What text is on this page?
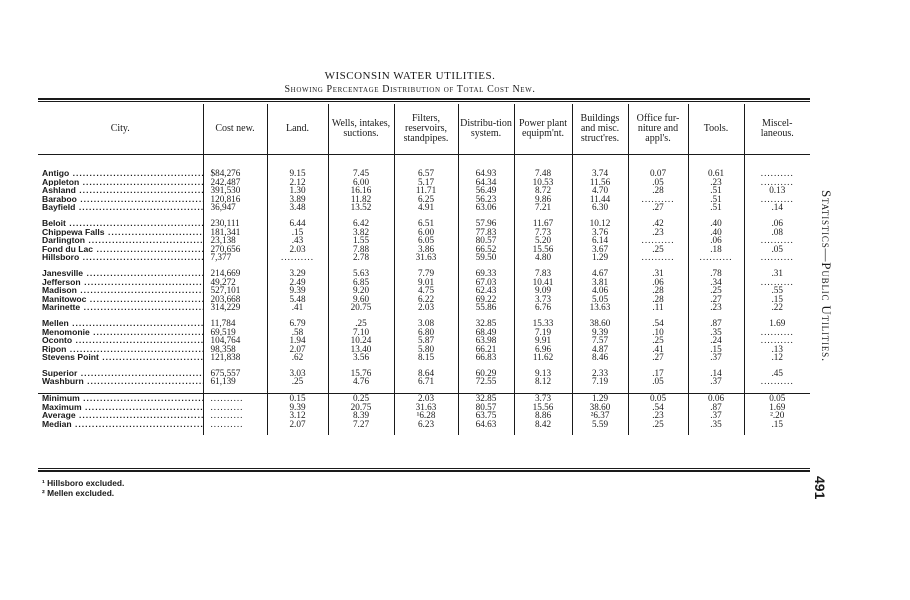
WISCONSIN WATER UTILITIES.
Showing Percentage Distribution of Total Cost New.
City.	Cost new.	Land.	Wells, intakes, suctions.	Filters, reservoirs, standpipes.	Distribu-tion system.	Power plant equipm'nt.	Buildings and misc. struct'res.	Office fur-niture and appl's.	Tools.	Miscel-laneous.

Antigo .....	$84,276	9.15	7.45	6.57	64.93	7.48	3.74	0.07	0.61	..........
Appleton .....	242,487	2.12	6.00	5.17	64.34	10.53	11.56	.05	.23	..........
Ashland .....	391,530	1.30	16.16	11.71	56.49	8.72	4.70	.28	.51	0.13
Baraboo .....	120,816	3.89	11.82	6.25	56.23	9.86	11.44	..........	.51	..........
Bayfield .....	36,947	3.48	13.52	4.91	63.06	7.21	6.30	.27	.51	.14

Beloit .....	230,111	6.44	6.42	6.51	57.96	11.67	10.12	.42	.40	.06
Chippewa Falls .....	181,341	.15	3.82	6.00	77.83	7.73	3.76	.23	.40	.08
Darlington .....	23,138	.43	1.55	6.05	80.57	5.20	6.14	..........	.06	..........
Fond du Lac .....	270,656	2.03	7.88	3.86	66.52	15.56	3.67	.25	.18	.05
Hillsboro .....	7,377	..........	2.78	31.63	59.50	4.80	1.29	..........	..........	..........

Janesville .....	214,669	3.29	5.63	7.79	69.33	7.83	4.67	.31	.78	.31
Jefferson .....	49,272	2.49	6.85	9.01	67.03	10.41	3.81	.06	.34	..........
Madison .....	527,101	9.39	9.20	4.75	62.43	9.09	4.06	.28	.25	.55
Manitowoc .....	203,668	5.48	9.60	6.22	69.22	3.73	5.05	.28	.27	.15
Marinette .....	314,229	.41	20.75	2.03	55.86	6.76	13.63	.11	.23	.22

Mellen .....	11,784	6.79	.25	3.08	32.85	15.33	38.60	.54	.87	1.69
Menomonie .....	69,519	.58	7.10	6.80	68.49	7.19	9.39	.10	.35	..........
Oconto .....	104,764	1.94	10.24	5.87	63.98	9.91	7.57	.25	.24	..........
Ripon .....	98,358	2.07	13.40	5.80	66.21	6.96	4.87	.41	.15	.13
Stevens Point .....	121,838	.62	3.56	8.15	66.83	11.62	8.46	.27	.37	.12

Superior .....	675,557	3.03	15.76	8.64	60.29	9.13	2.33	.17	.14	.45
Washburn .....	61,139	.25	4.76	6.71	72.55	8.12	7.19	.05	.37	..........

Minimum .....	..........	0.15	0.25	2.03	32.85	3.73	1.29	0.05	0.06	0.05
Maximum .....	..........	9.39	20.75	31.63	80.57	15.56	38.60	.54	.87	1.69
Average .....	..........	3.12	8.39	¹6.28	63.75	8.86	²6.37	.23	.37	².20
Median .....	..........	2.07	7.27	6.23	64.63	8.42	5.59	.25	.35	.15

¹ Hillsboro excluded.
² Mellen excluded.
Statistics—Public Utilities.
491
